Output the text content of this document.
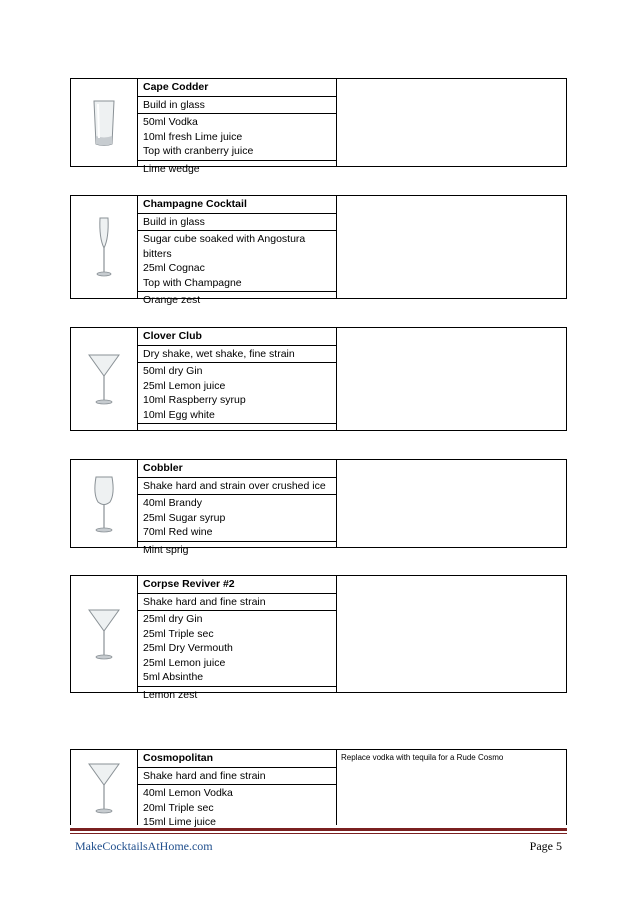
Cape Codder
Build in glass
50ml Vodka
10ml fresh Lime juice
Top with cranberry juice
Lime wedge
Champagne Cocktail
Build in glass
Sugar cube soaked with Angostura
bitters
25ml Cognac
Top with Champagne
Orange zest
Clover Club
Dry shake, wet shake, fine strain
50ml dry Gin
25ml Lemon juice
10ml Raspberry syrup
10ml Egg white
Cobbler
Shake hard and strain over crushed ice
40ml Brandy
25ml Sugar syrup
70ml Red wine
Mint sprig
Corpse Reviver #2
Shake hard and fine strain
25ml dry Gin
25ml Triple sec
25ml Dry Vermouth
25ml Lemon juice
5ml Absinthe
Lemon zest
Cosmopolitan
Shake hard and fine strain
40ml Lemon Vodka
20ml Triple sec
15ml Lime juice
Replace vodka with tequila for a Rude Cosmo
MakeCocktailsAtHome.com	Page 5
